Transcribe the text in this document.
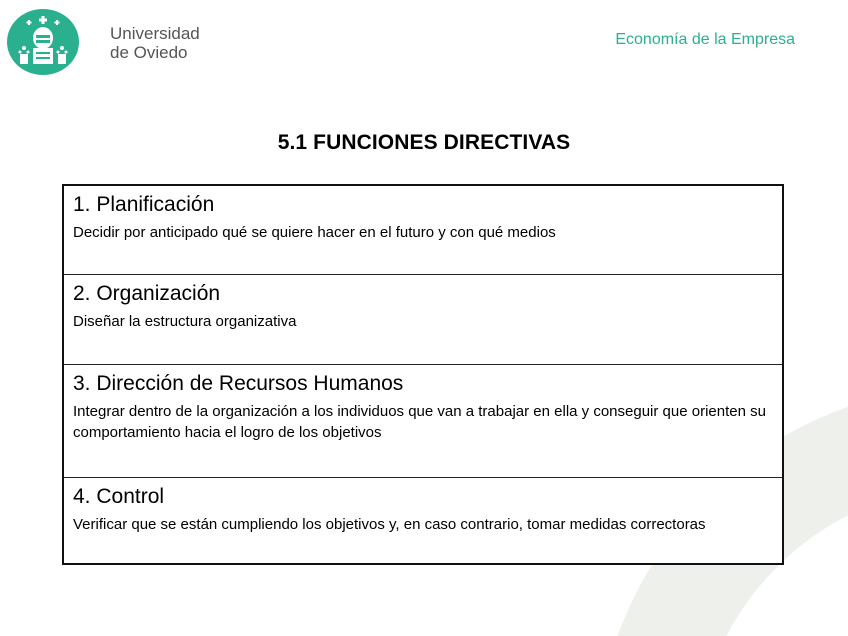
Universidad
de Oviedo
Economía de la Empresa
5.1 FUNCIONES DIRECTIVAS
1. Planificación
Decidir por anticipado qué se quiere hacer en el futuro y con qué medios
2. Organización
Diseñar la estructura organizativa
3. Dirección de Recursos Humanos
Integrar dentro de la organización a los individuos que van a trabajar en ella y conseguir que orienten su comportamiento hacia el logro de los objetivos
4. Control
Verificar que se están cumpliendo los objetivos y, en caso contrario, tomar medidas correctoras
